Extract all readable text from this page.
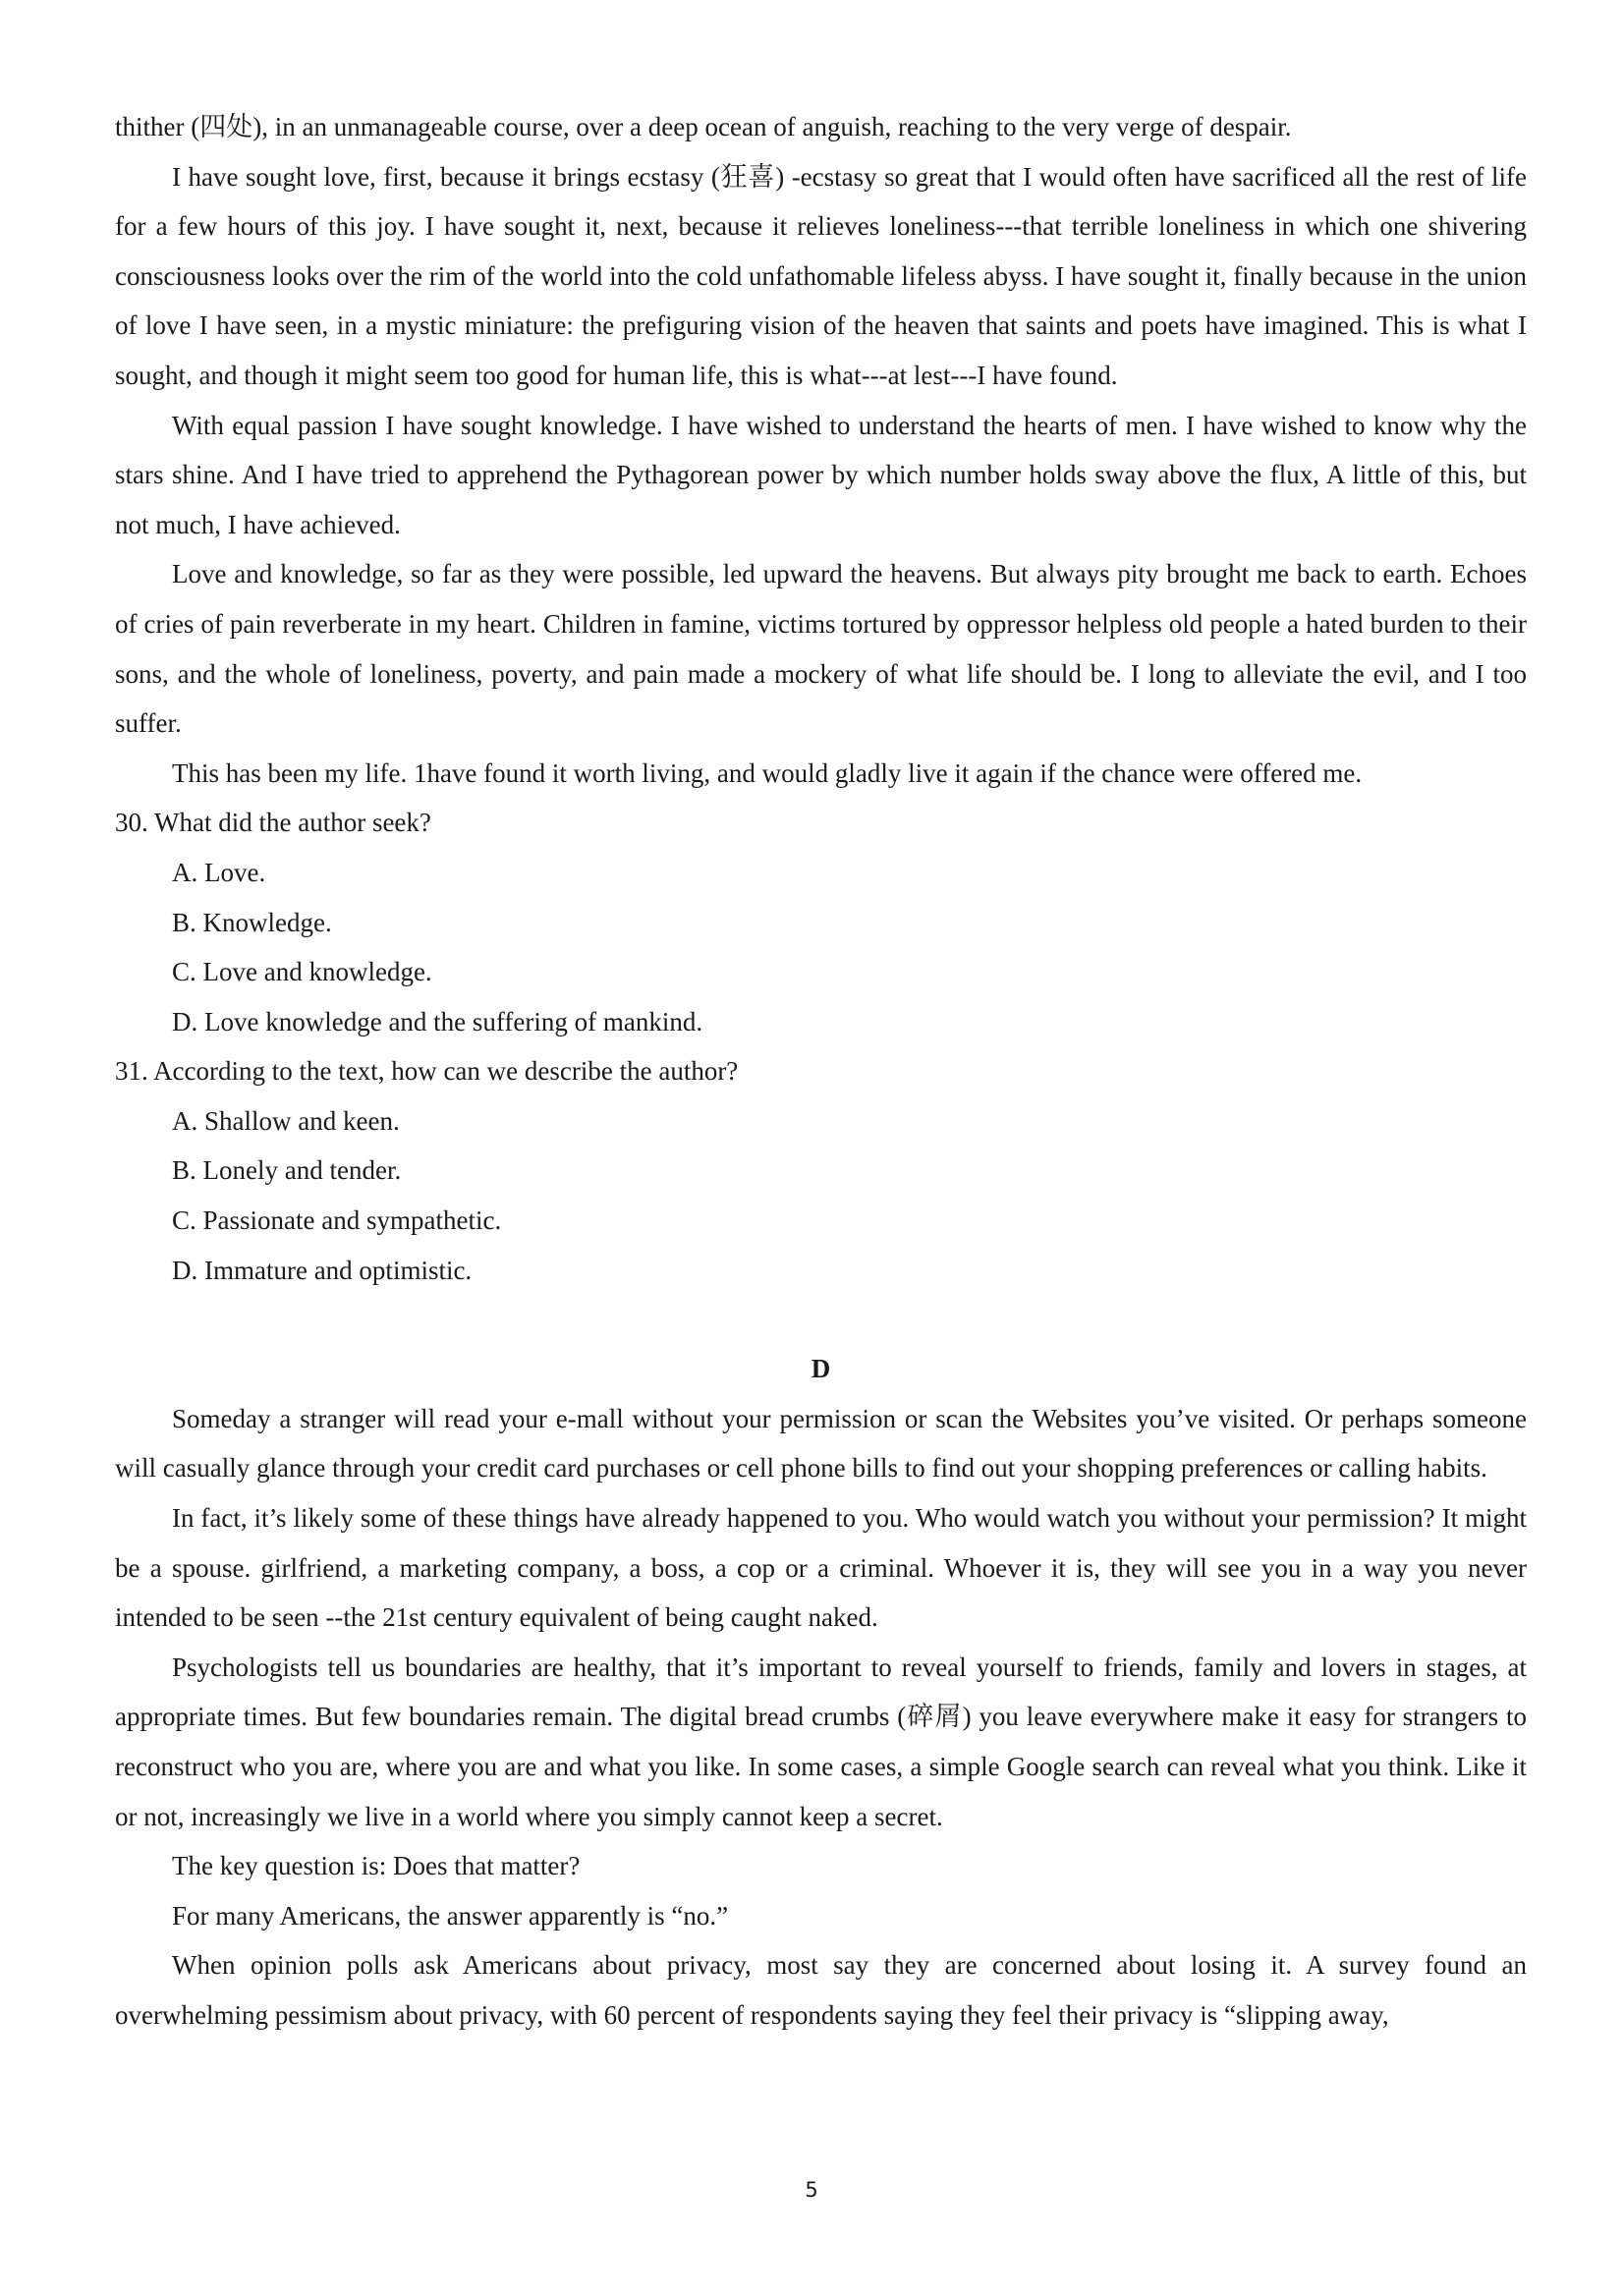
thither (四处), in an unmanageable course, over a deep ocean of anguish, reaching to the very verge of despair.

I have sought love, first, because it brings ecstasy (狂喜) -ecstasy so great that I would often have sacrificed all the rest of life for a few hours of this joy. I have sought it, next, because it relieves loneliness---that terrible loneliness in which one shivering consciousness looks over the rim of the world into the cold unfathomable lifeless abyss. I have sought it, finally because in the union of love I have seen, in a mystic miniature: the prefiguring vision of the heaven that saints and poets have imagined. This is what I sought, and though it might seem too good for human life, this is what---at lest---I have found.

With equal passion I have sought knowledge. I have wished to understand the hearts of men. I have wished to know why the stars shine. And I have tried to apprehend the Pythagorean power by which number holds sway above the flux, A little of this, but not much, I have achieved.

Love and knowledge, so far as they were possible, led upward the heavens. But always pity brought me back to earth. Echoes of cries of pain reverberate in my heart. Children in famine, victims tortured by oppressor helpless old people a hated burden to their sons, and the whole of loneliness, poverty, and pain made a mockery of what life should be. I long to alleviate the evil, and I too suffer.

This has been my life. 1have found it worth living, and would gladly live it again if the chance were offered me.

30. What did the author seek?
A. Love.
B. Knowledge.
C. Love and knowledge.
D. Love knowledge and the suffering of mankind.
31. According to the text, how can we describe the author?
A. Shallow and keen.
B. Lonely and tender.
C. Passionate and sympathetic.
D. Immature and optimistic.
D

Someday a stranger will read your e-mall without your permission or scan the Websites you’ve visited. Or perhaps someone will casually glance through your credit card purchases or cell phone bills to find out your shopping preferences or calling habits.

In fact, it’s likely some of these things have already happened to you. Who would watch you without your permission? It might be a spouse. girlfriend, a marketing company, a boss, a cop or a criminal. Whoever it is, they will see you in a way you never intended to be seen --the 21st century equivalent of being caught naked.

Psychologists tell us boundaries are healthy, that it’s important to reveal yourself to friends, family and lovers in stages, at appropriate times. But few boundaries remain. The digital bread crumbs (碎屑) you leave everywhere make it easy for strangers to reconstruct who you are, where you are and what you like. In some cases, a simple Google search can reveal what you think. Like it or not, increasingly we live in a world where you simply cannot keep a secret.

The key question is: Does that matter?

For many Americans, the answer apparently is “no.”

When opinion polls ask Americans about privacy, most say they are concerned about losing it. A survey found an overwhelming pessimism about privacy, with 60 percent of respondents saying they feel their privacy is “slipping away,

5
